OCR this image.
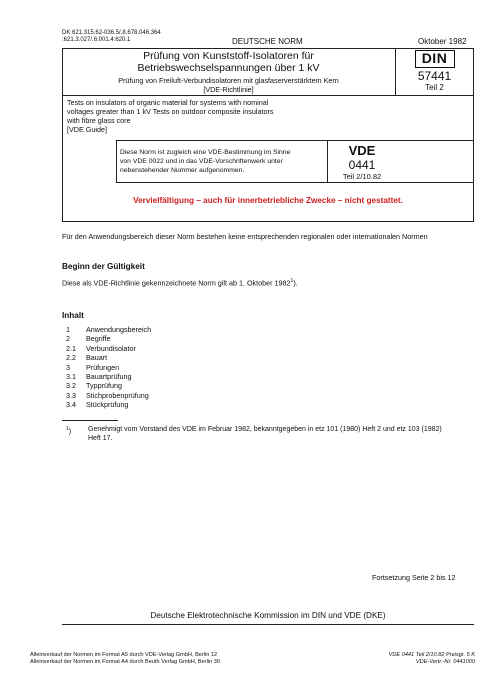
DK 621.315.62-036.5/.8.678.046.364
:621.3.027/.6:001.4:620.1	DEUTSCHE NORM	Oktober 1982
Prüfung von Kunststoff-Isolatoren für
Betriebswechselspannungen über 1 kV
Prüfung von Freiluft-Verbundisolatoren mit glasfaserverstärktem Kern
[VDE-Richtlinie]
DIN
57441
Teil 2
Tests on insulators of organic material for systems with nominal
voltages greater than 1 kV Tests on outdoor composite insulators
with fibre glass core
[VDE Guide]
Diese Norm ist zugleich eine VDE-Bestimmung im Sinne
von VDE 0022 und in das VDE-Vorschriftenwerk unter
nebenstehender Nummer aufgenommen.
VDE
0441
Teil 2/10.82
Vervielfältigung – auch für innerbetriebliche Zwecke – nicht gestattet.
Für den Anwendungsbereich dieser Norm bestehen keine entsprechenden regionalen oder internationalen Normen
Beginn der Gültigkeit
Diese als VDE-Richtlinie gekennzeichnete Norm gilt ab 1. Oktober 1982$^1$).
Inhalt
1	Anwendungsbereich
2	Begriffe
2.1	Verbundisolator
2.2	Bauart
3	Prüfungen
3.1	Bauartprüfung
3.2	Typprüfung
3.3	Stichprobenprüfung
3.4	Stückprüfung
$^1$)	Genehmigt vom Vorstand des VDE im Februar 1982, bekanntgegeben in etz 101 (1980) Heft 2 und etz 103 (1982)
Heft 17.
Fortsetzung Seite 2 bis 12
Deutsche Elektrotechnische Kommission im DIN und VDE (DKE)
Alleinverkauf der Normen im Format A5 durch VDE-Verlag GmbH, Berlin 12
Alleinverkauf der Normen im Format A4 durch Beuth Verlag GmbH, Berlin 30
VDE 0441 Teil 2/10.82 Preisgr. 5 K
VDE-Vertr.-Nr. 0441000
